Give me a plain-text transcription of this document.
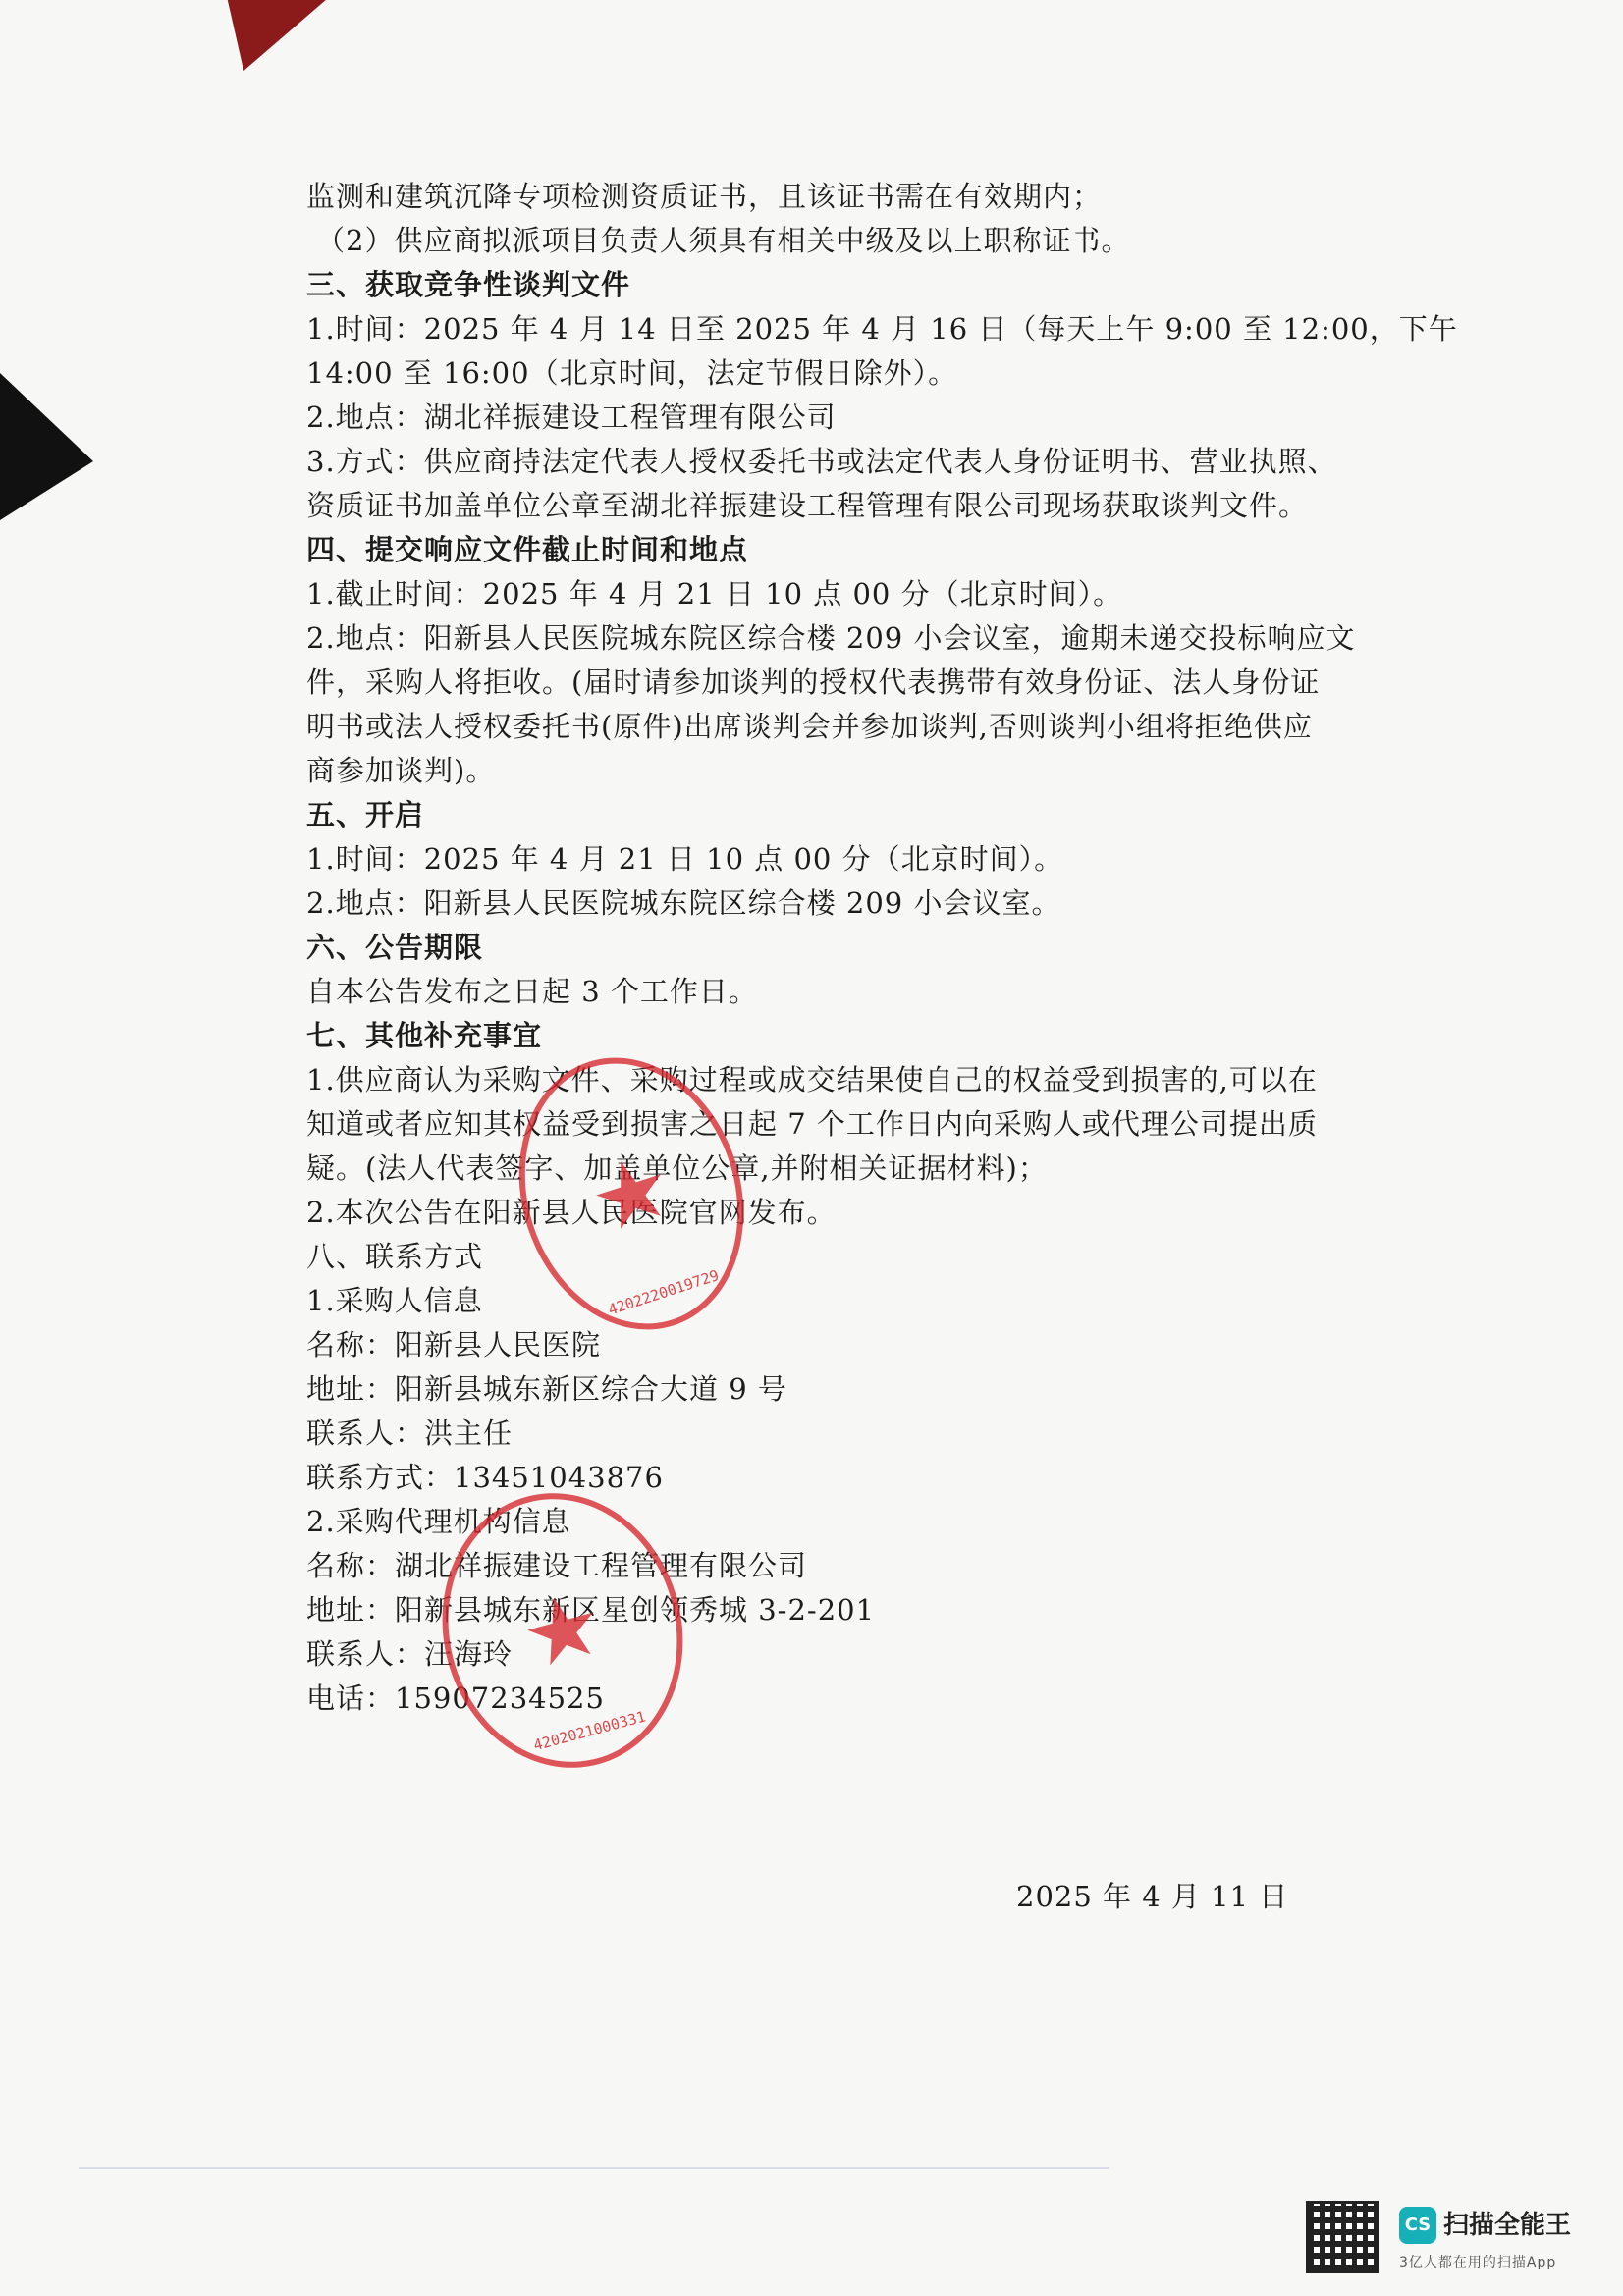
监测和建筑沉降专项检测资质证书，且该证书需在有效期内；
（2）供应商拟派项目负责人须具有相关中级及以上职称证书。
三、获取竞争性谈判文件
1.时间：2025 年 4 月 14 日至 2025 年 4 月 16 日（每天上午 9:00 至 12:00，下午
14:00 至 16:00（北京时间，法定节假日除外）。
2.地点：湖北祥振建设工程管理有限公司
3.方式：供应商持法定代表人授权委托书或法定代表人身份证明书、营业执照、
资质证书加盖单位公章至湖北祥振建设工程管理有限公司现场获取谈判文件。
四、提交响应文件截止时间和地点
1.截止时间：2025 年 4 月 21 日 10 点 00 分（北京时间）。
2.地点：阳新县人民医院城东院区综合楼 209 小会议室，逾期未递交投标响应文
件，采购人将拒收。(届时请参加谈判的授权代表携带有效身份证、法人身份证
明书或法人授权委托书(原件)出席谈判会并参加谈判,否则谈判小组将拒绝供应
商参加谈判)。
五、开启
1.时间：2025 年 4 月 21 日 10 点 00 分（北京时间）。
2.地点：阳新县人民医院城东院区综合楼 209 小会议室。
六、公告期限
自本公告发布之日起 3 个工作日。
七、其他补充事宜
1.供应商认为采购文件、采购过程或成交结果使自己的权益受到损害的,可以在
知道或者应知其权益受到损害之日起 7 个工作日内向采购人或代理公司提出质
疑。(法人代表签字、加盖单位公章,并附相关证据材料)；
2.本次公告在阳新县人民医院官网发布。
八、联系方式
1.采购人信息
名称：阳新县人民医院
地址：阳新县城东新区综合大道 9 号
联系人：洪主任
联系方式：13451043876
2.采购代理机构信息
名称：湖北祥振建设工程管理有限公司
地址：阳新县城东新区星创领秀城 3-2-201
联系人：汪海玲
电话：15907234525
★
4202220019729
★
4202021000331
2025 年 4 月 11 日
CS 扫描全能王
3亿人都在用的扫描App
